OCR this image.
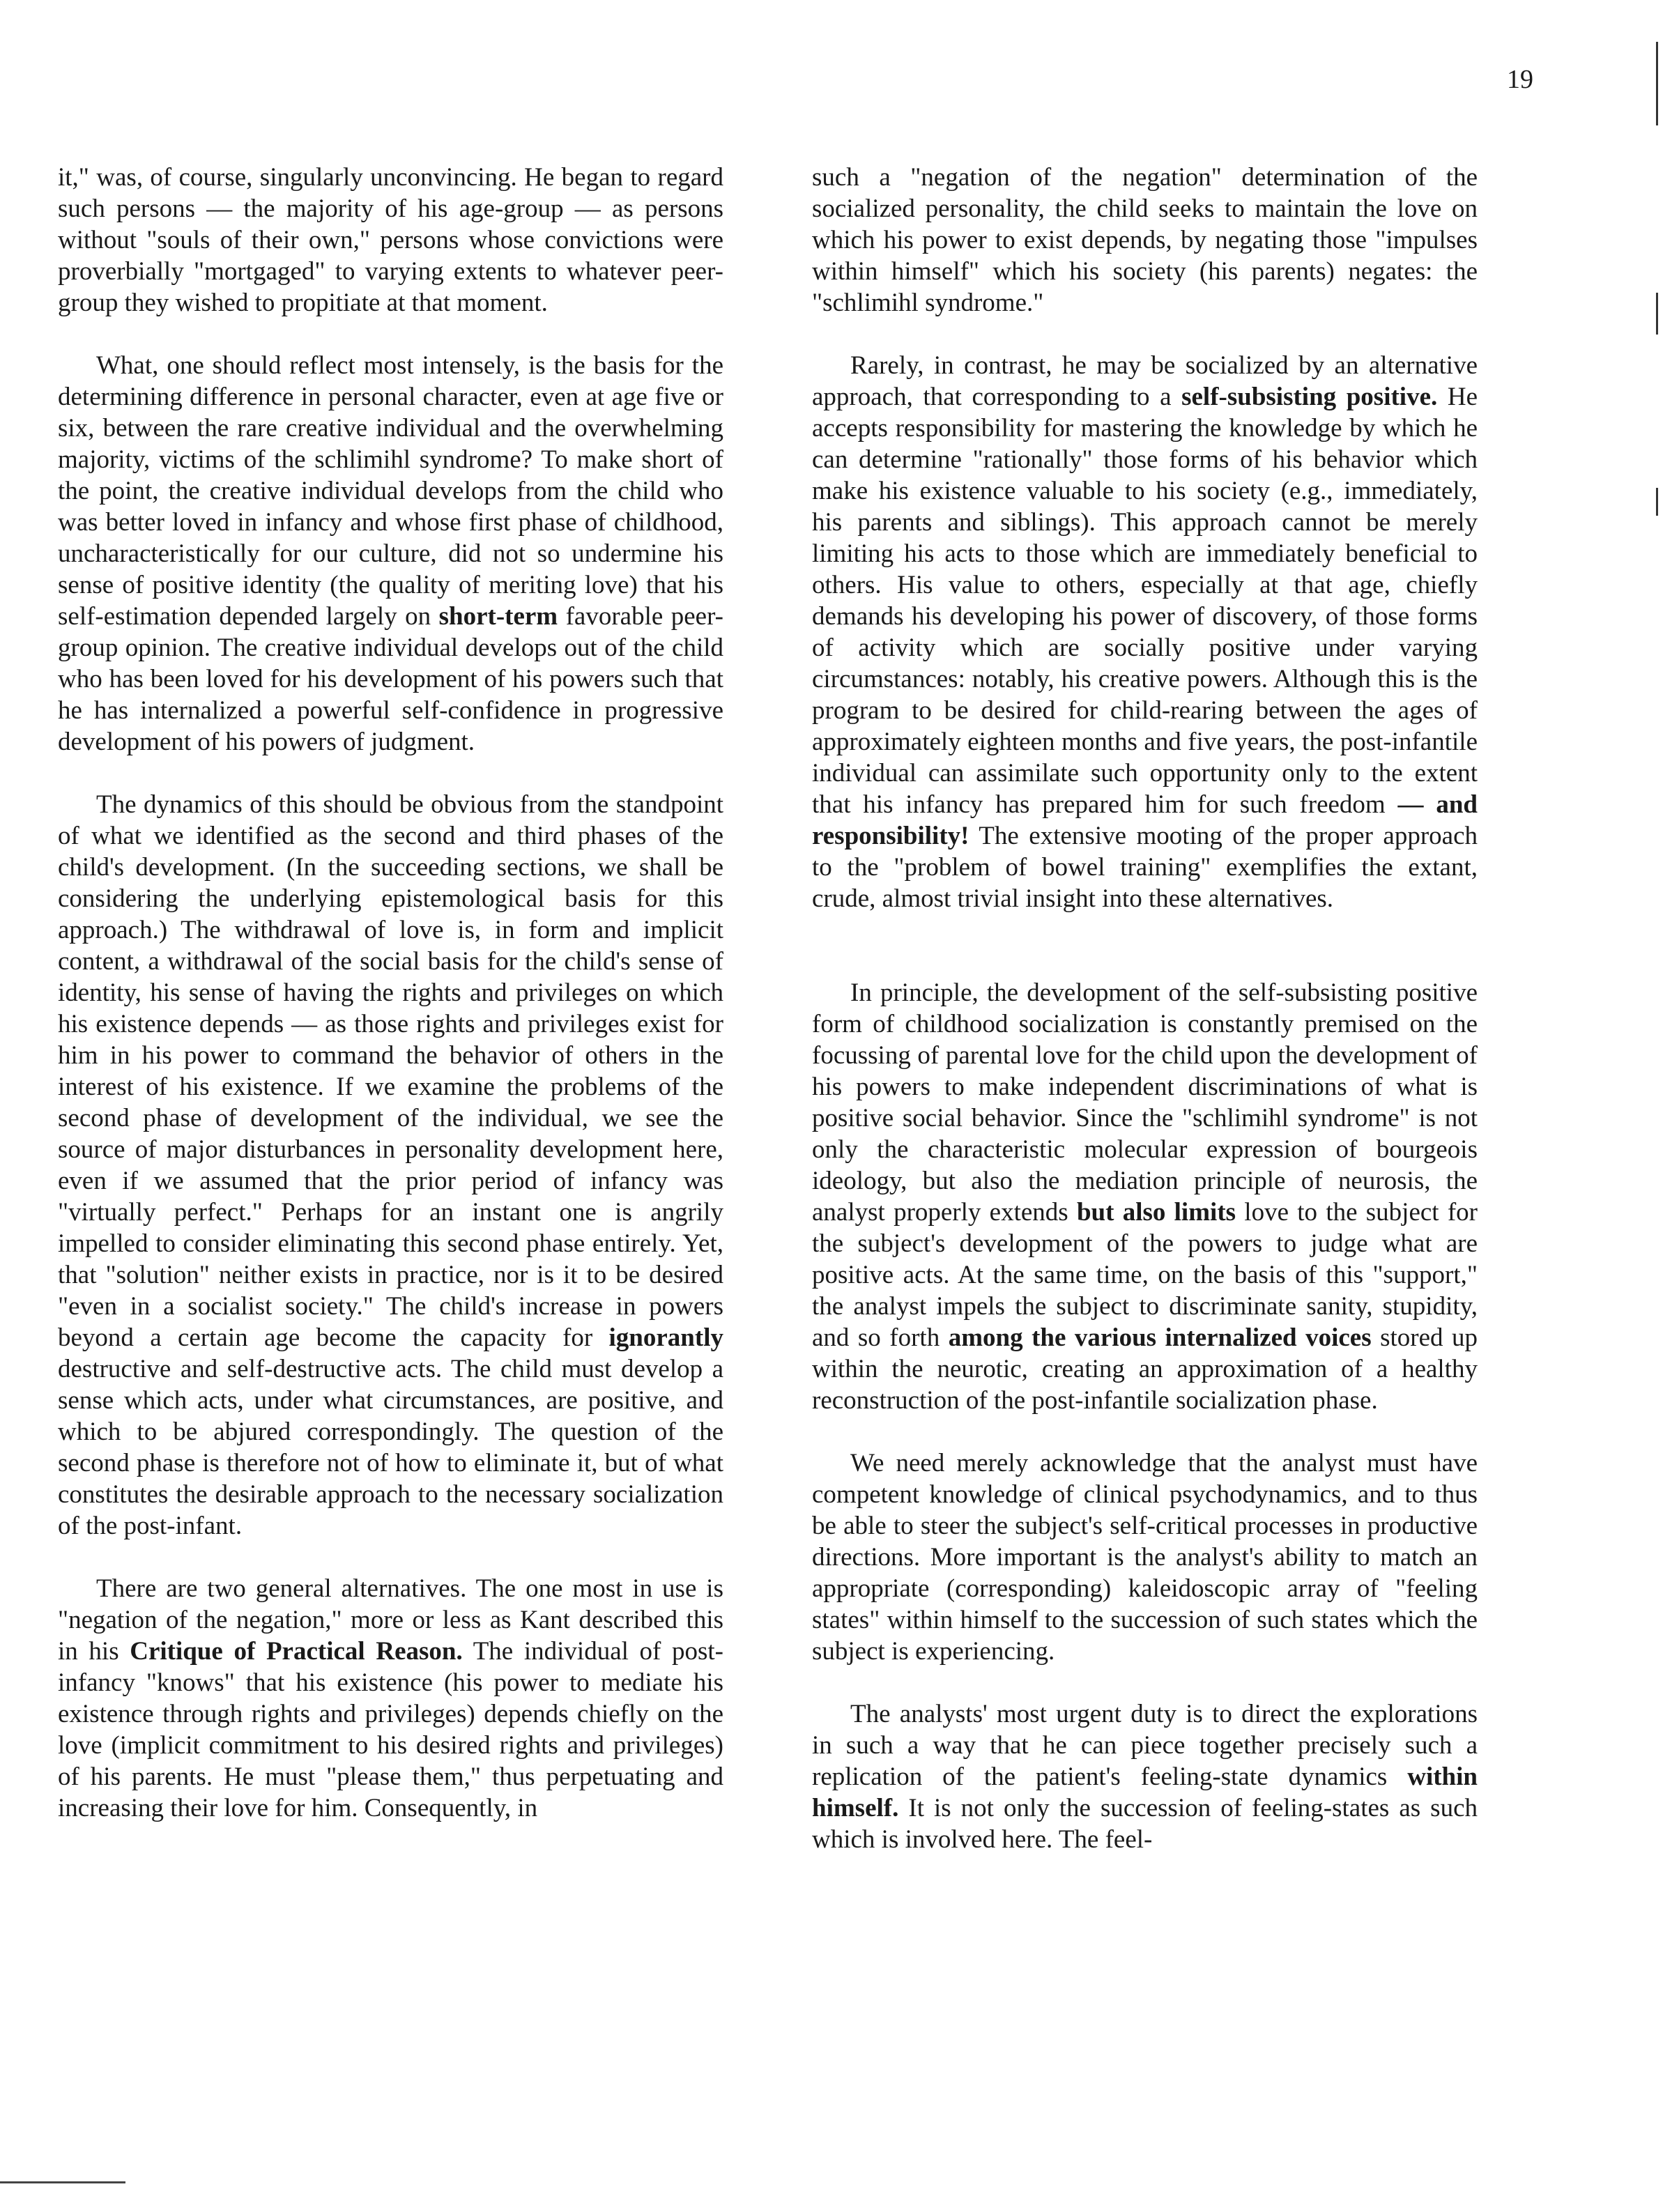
19

it," was, of course, singularly unconvincing. He began to regard such persons — the majority of his age-group — as persons without "souls of their own," persons whose convictions were proverbially "mortgaged" to varying extents to whatever peer-group they wished to propitiate at that moment.

What, one should reflect most intensely, is the basis for the determining difference in personal character, even at age five or six, between the rare creative individual and the overwhelming majority, victims of the schlimihl syndrome? To make short of the point, the creative individual develops from the child who was better loved in infancy and whose first phase of childhood, uncharacteristically for our culture, did not so undermine his sense of positive identity (the quality of meriting love) that his self-estimation depended largely on short-term favorable peer-group opinion. The creative individual develops out of the child who has been loved for his development of his powers such that he has internalized a powerful self-confidence in progressive development of his powers of judgment.

The dynamics of this should be obvious from the standpoint of what we identified as the second and third phases of the child's development. (In the succeeding sections, we shall be considering the underlying epistemological basis for this approach.) The withdrawal of love is, in form and implicit content, a withdrawal of the social basis for the child's sense of identity, his sense of having the rights and privileges on which his existence depends — as those rights and privileges exist for him in his power to command the behavior of others in the interest of his existence. If we examine the problems of the second phase of development of the individual, we see the source of major disturbances in personality development here, even if we assumed that the prior period of infancy was "virtually perfect." Perhaps for an instant one is angrily impelled to consider eliminating this second phase entirely. Yet, that "solution" neither exists in practice, nor is it to be desired "even in a socialist society." The child's increase in powers beyond a certain age become the capacity for ignorantly destructive and self-destructive acts. The child must develop a sense which acts, under what circumstances, are positive, and which to be abjured correspondingly. The question of the second phase is therefore not of how to eliminate it, but of what constitutes the desirable approach to the necessary socialization of the post-infant.

There are two general alternatives. The one most in use is "negation of the negation," more or less as Kant described this in his Critique of Practical Reason. The individual of post-infancy "knows" that his existence (his power to mediate his existence through rights and privileges) depends chiefly on the love (implicit commitment to his desired rights and privileges) of his parents. He must "please them," thus perpetuating and increasing their love for him. Consequently, in

such a "negation of the negation" determination of the socialized personality, the child seeks to maintain the love on which his power to exist depends, by negating those "impulses within himself" which his society (his parents) negates: the "schlimihl syndrome."

Rarely, in contrast, he may be socialized by an alternative approach, that corresponding to a self-subsisting positive. He accepts responsibility for mastering the knowledge by which he can determine "rationally" those forms of his behavior which make his existence valuable to his society (e.g., immediately, his parents and siblings). This approach cannot be merely limiting his acts to those which are immediately beneficial to others. His value to others, especially at that age, chiefly demands his developing his power of discovery, of those forms of activity which are socially positive under varying circumstances: notably, his creative powers. Although this is the program to be desired for child-rearing between the ages of approximately eighteen months and five years, the post-infantile individual can assimilate such opportunity only to the extent that his infancy has prepared him for such freedom — and responsibility! The extensive mooting of the proper approach to the "problem of bowel training" exemplifies the extant, crude, almost trivial insight into these alternatives.

In principle, the development of the self-subsisting positive form of childhood socialization is constantly premised on the focussing of parental love for the child upon the development of his powers to make independent discriminations of what is positive social behavior. Since the "schlimihl syndrome" is not only the characteristic molecular expression of bourgeois ideology, but also the mediation principle of neurosis, the analyst properly extends but also limits love to the subject for the subject's development of the powers to judge what are positive acts. At the same time, on the basis of this "support," the analyst impels the subject to discriminate sanity, stupidity, and so forth among the various internalized voices stored up within the neurotic, creating an approximation of a healthy reconstruction of the post-infantile socialization phase.

We need merely acknowledge that the analyst must have competent knowledge of clinical psychodynamics, and to thus be able to steer the subject's self-critical processes in productive directions. More important is the analyst's ability to match an appropriate (corresponding) kaleidoscopic array of "feeling states" within himself to the succession of such states which the subject is experiencing.

The analysts' most urgent duty is to direct the explorations in such a way that he can piece together precisely such a replication of the patient's feeling-state dynamics within himself. It is not only the succession of feeling-states as such which is involved here. The feel-
